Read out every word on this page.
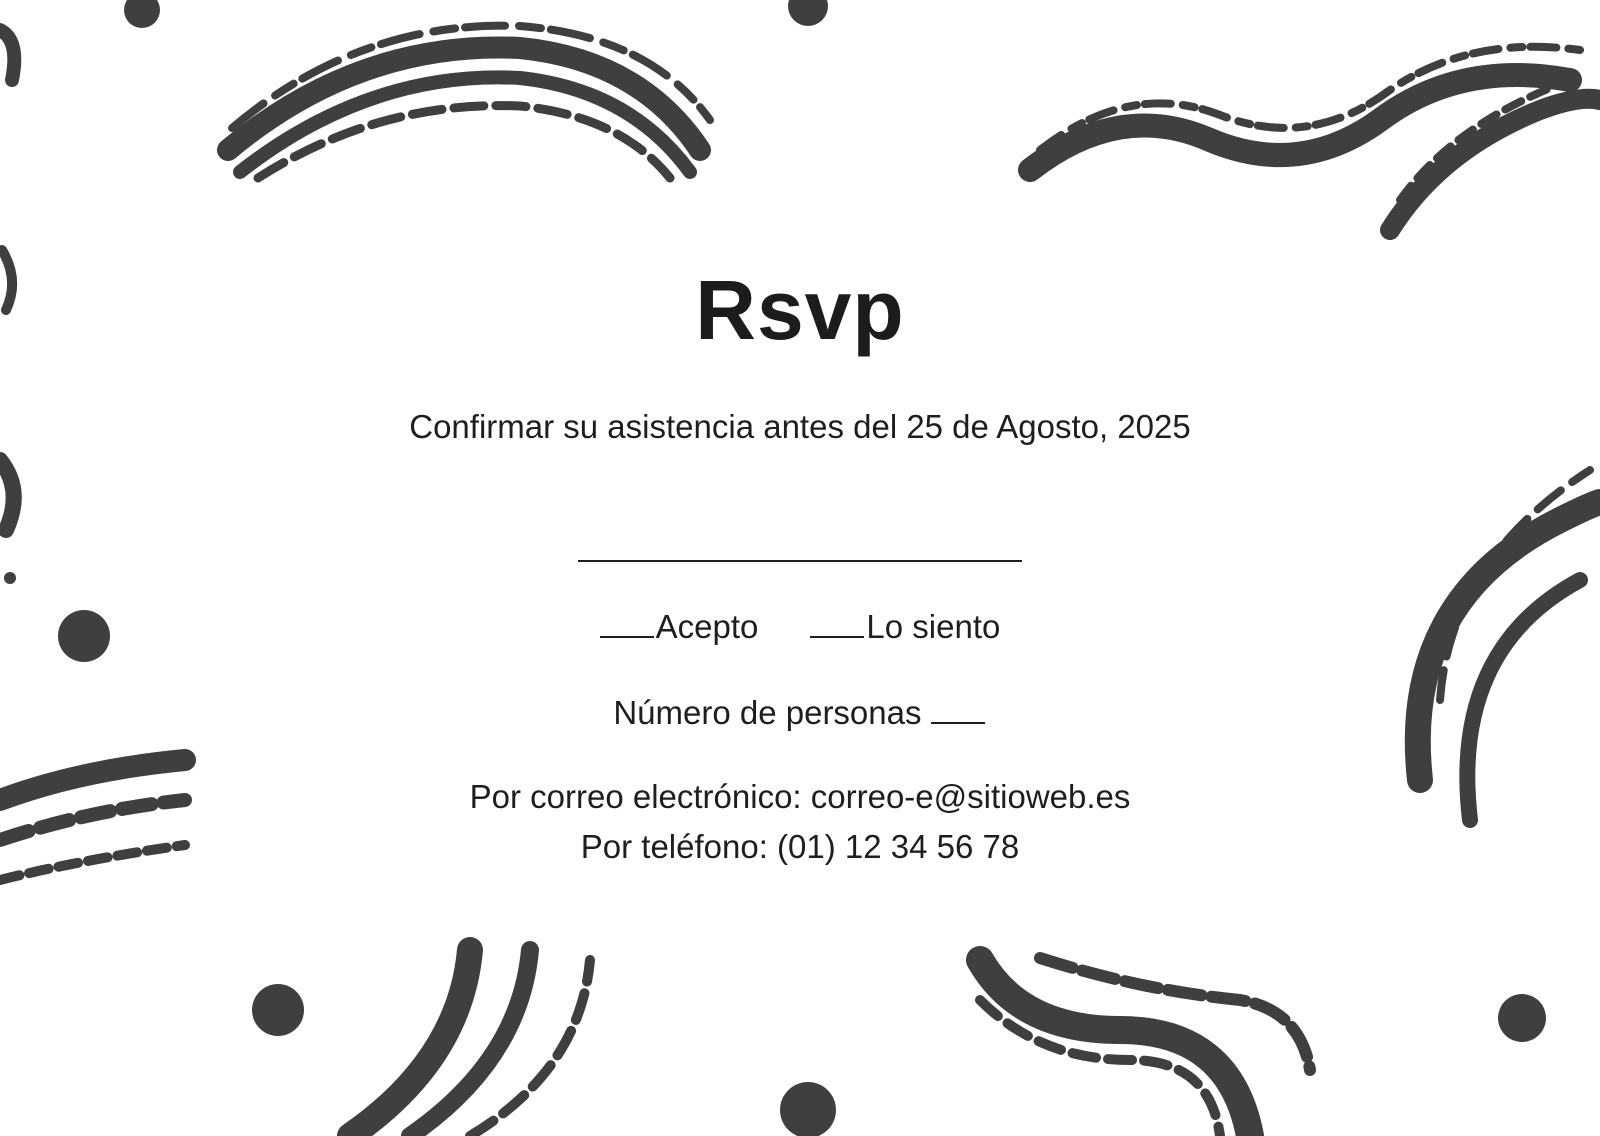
Rsvp
Confirmar su asistencia antes del 25 de Agosto, 2025
Acepto	Lo siento
Número de personas
Por correo electrónico: correo-e@sitioweb.es
Por teléfono: (01) 12 34 56 78
